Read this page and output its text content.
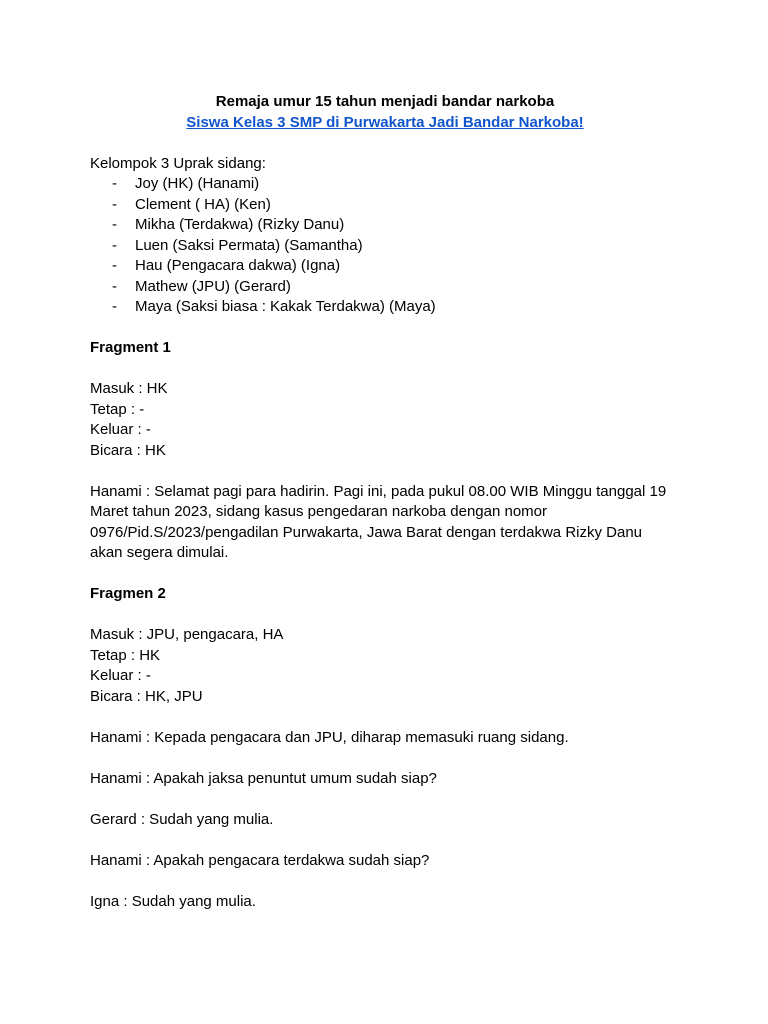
Remaja umur 15 tahun menjadi bandar narkoba
Siswa Kelas 3 SMP di Purwakarta Jadi Bandar Narkoba!
Kelompok 3 Uprak sidang:
- Joy (HK) (Hanami)
- Clement ( HA) (Ken)
- Mikha (Terdakwa) (Rizky Danu)
- Luen (Saksi Permata) (Samantha)
- Hau (Pengacara dakwa) (Igna)
- Mathew (JPU) (Gerard)
- Maya (Saksi biasa : Kakak Terdakwa) (Maya)
Fragment 1
Masuk : HK
Tetap : -
Keluar : -
Bicara : HK
Hanami : Selamat pagi para hadirin. Pagi ini, pada pukul 08.00 WIB Minggu tanggal 19
Maret tahun 2023, sidang kasus pengedaran narkoba dengan nomor
0976/Pid.S/2023/pengadilan Purwakarta, Jawa Barat dengan terdakwa Rizky Danu
akan segera dimulai.
Fragmen 2
Masuk : JPU, pengacara, HA
Tetap : HK
Keluar : -
Bicara : HK, JPU
Hanami : Kepada pengacara dan JPU, diharap memasuki ruang sidang.
Hanami : Apakah jaksa penuntut umum sudah siap?
Gerard : Sudah yang mulia.
Hanami : Apakah pengacara terdakwa sudah siap?
Igna : Sudah yang mulia.
